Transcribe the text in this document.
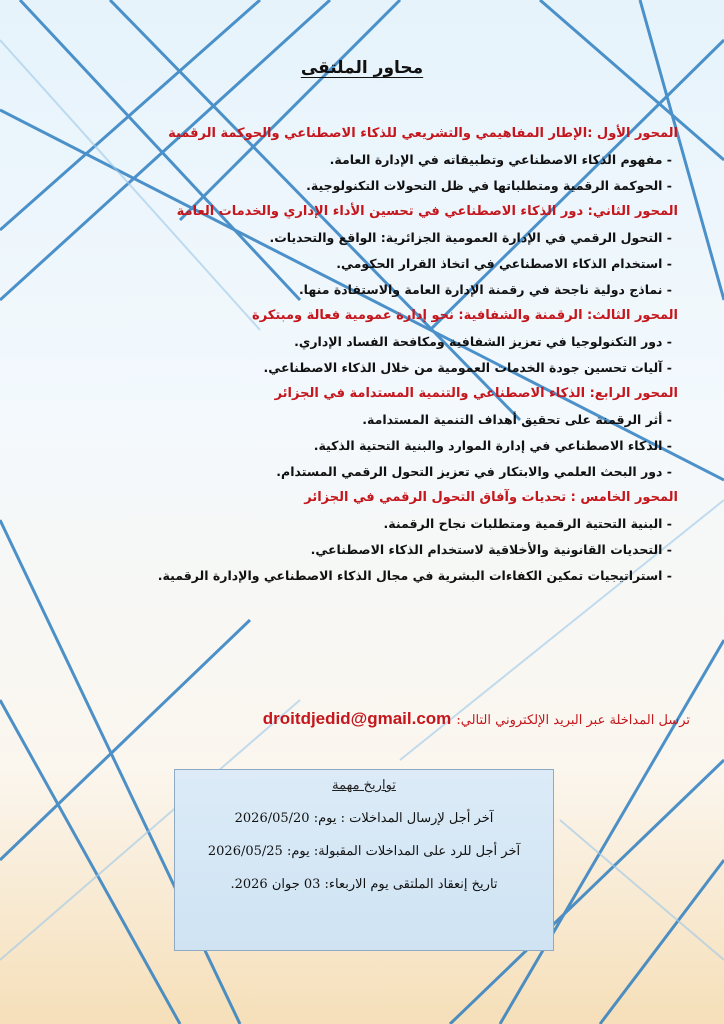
محاور الملتقى
المحور الأول :الإطار المفاهيمي والتشريعي للذكاء الاصطناعي والحوكمة الرقمية
- مفهوم الذكاء الاصطناعي وتطبيقاته في الإدارة العامة.
- الحوكمة الرقمية ومتطلباتها في ظل التحولات التكنولوجية.
المحور الثاني: دور الذكاء الاصطناعي في تحسين الأداء الإداري والخدمات العامة
- التحول الرقمي في الإدارة العمومية الجزائرية: الواقع والتحديات.
- استخدام الذكاء الاصطناعي في اتخاذ القرار الحكومي.
- نماذج دولية ناجحة في رقمنة الإدارة العامة والاستفادة منها.
المحور الثالث: الرقمنة والشفافية: نحو إدارة عمومية فعالة ومبتكرة
- دور التكنولوجيا في تعزيز الشفافية ومكافحة الفساد الإداري.
- آليات تحسين جودة الخدمات العمومية من خلال الذكاء الاصطناعي.
المحور الرابع: الذكاء الاصطناعي والتنمية المستدامة في الجزائر
- أثر الرقمنة على تحقيق أهداف التنمية المستدامة.
- الذكاء الاصطناعي في إدارة الموارد والبنية التحتية الذكية.
- دور البحث العلمي والابتكار في تعزيز التحول الرقمي المستدام.
المحور الخامس : تحديات وآفاق التحول الرقمي في الجزائر
- البنية التحتية الرقمية ومتطلبات نجاح الرقمنة.
- التحديات القانونية والأخلاقية لاستخدام الذكاء الاصطناعي.
- استراتيجيات تمكين الكفاءات البشرية في مجال الذكاء الاصطناعي والإدارة الرقمية.
ترسل المداخلة عبر البريد الإلكتروني التالي: droitdjedid@gmail.com
تواريخ مهمة
آخر أجل لإرسال المداخلات : يوم: 2026/05/20
آخر أجل للرد على المداخلات المقبولة: يوم: 2026/05/25
تاريخ إنعقاد الملتقى يوم الاربعاء: 03 جوان 2026.
